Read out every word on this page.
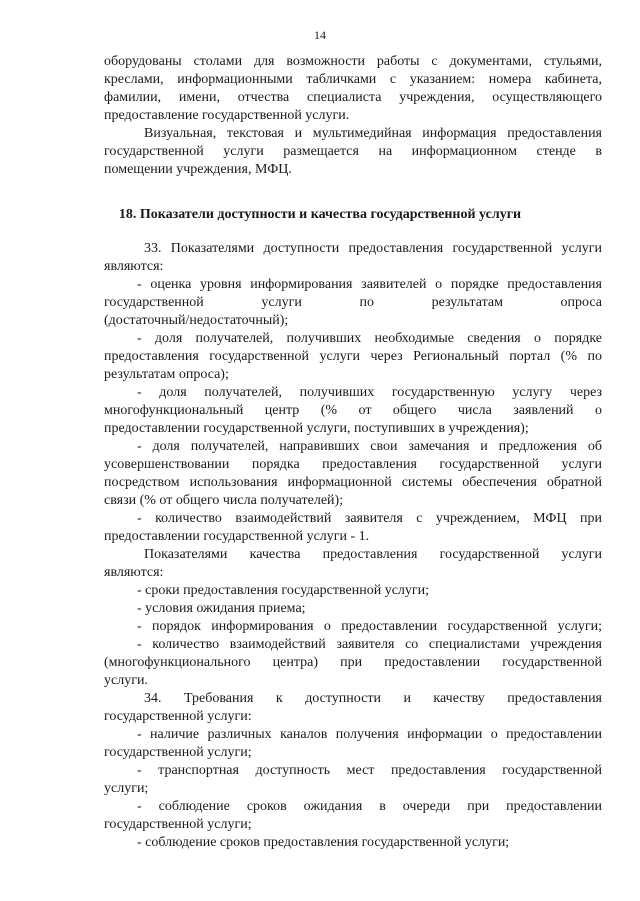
14
оборудованы столами для возможности работы с документами, стульями,
креслами, информационными табличками с указанием: номера кабинета,
фамилии, имени, отчества специалиста учреждения, осуществляющего
предоставление государственной услуги.
Визуальная, текстовая и мультимедийная информация предоставления
государственной услуги размещается на информационном стенде в
помещении учреждения, МФЦ.
18. Показатели доступности и качества государственной услуги
33. Показателями доступности предоставления государственной услуги
являются:
- оценка уровня информирования заявителей о порядке предоставления
государственной услуги по результатам опроса
(достаточный/недостаточный);
- доля получателей, получивших необходимые сведения о порядке
предоставления государственной услуги через Региональный портал (% по
результатам опроса);
- доля получателей, получивших государственную услугу через
многофункциональный центр (% от общего числа заявлений о
предоставлении государственной услуги, поступивших в учреждения);
- доля получателей, направивших свои замечания и предложения об
усовершенствовании порядка предоставления государственной услуги
посредством использования информационной системы обеспечения обратной
связи (% от общего числа получателей);
- количество взаимодействий заявителя с учреждением, МФЦ при
предоставлении государственной услуги - 1.
Показателями качества предоставления государственной услуги
являются:
- сроки предоставления государственной услуги;
- условия ожидания приема;
- порядок информирования о предоставлении государственной услуги;
- количество взаимодействий заявителя со специалистами учреждения
(многофункционального центра) при предоставлении государственной
услуги.
34. Требования к доступности и качеству предоставления
государственной услуги:
- наличие различных каналов получения информации о предоставлении
государственной услуги;
- транспортная доступность мест предоставления государственной
услуги;
- соблюдение сроков ожидания в очереди при предоставлении
государственной услуги;
- соблюдение сроков предоставления государственной услуги;
